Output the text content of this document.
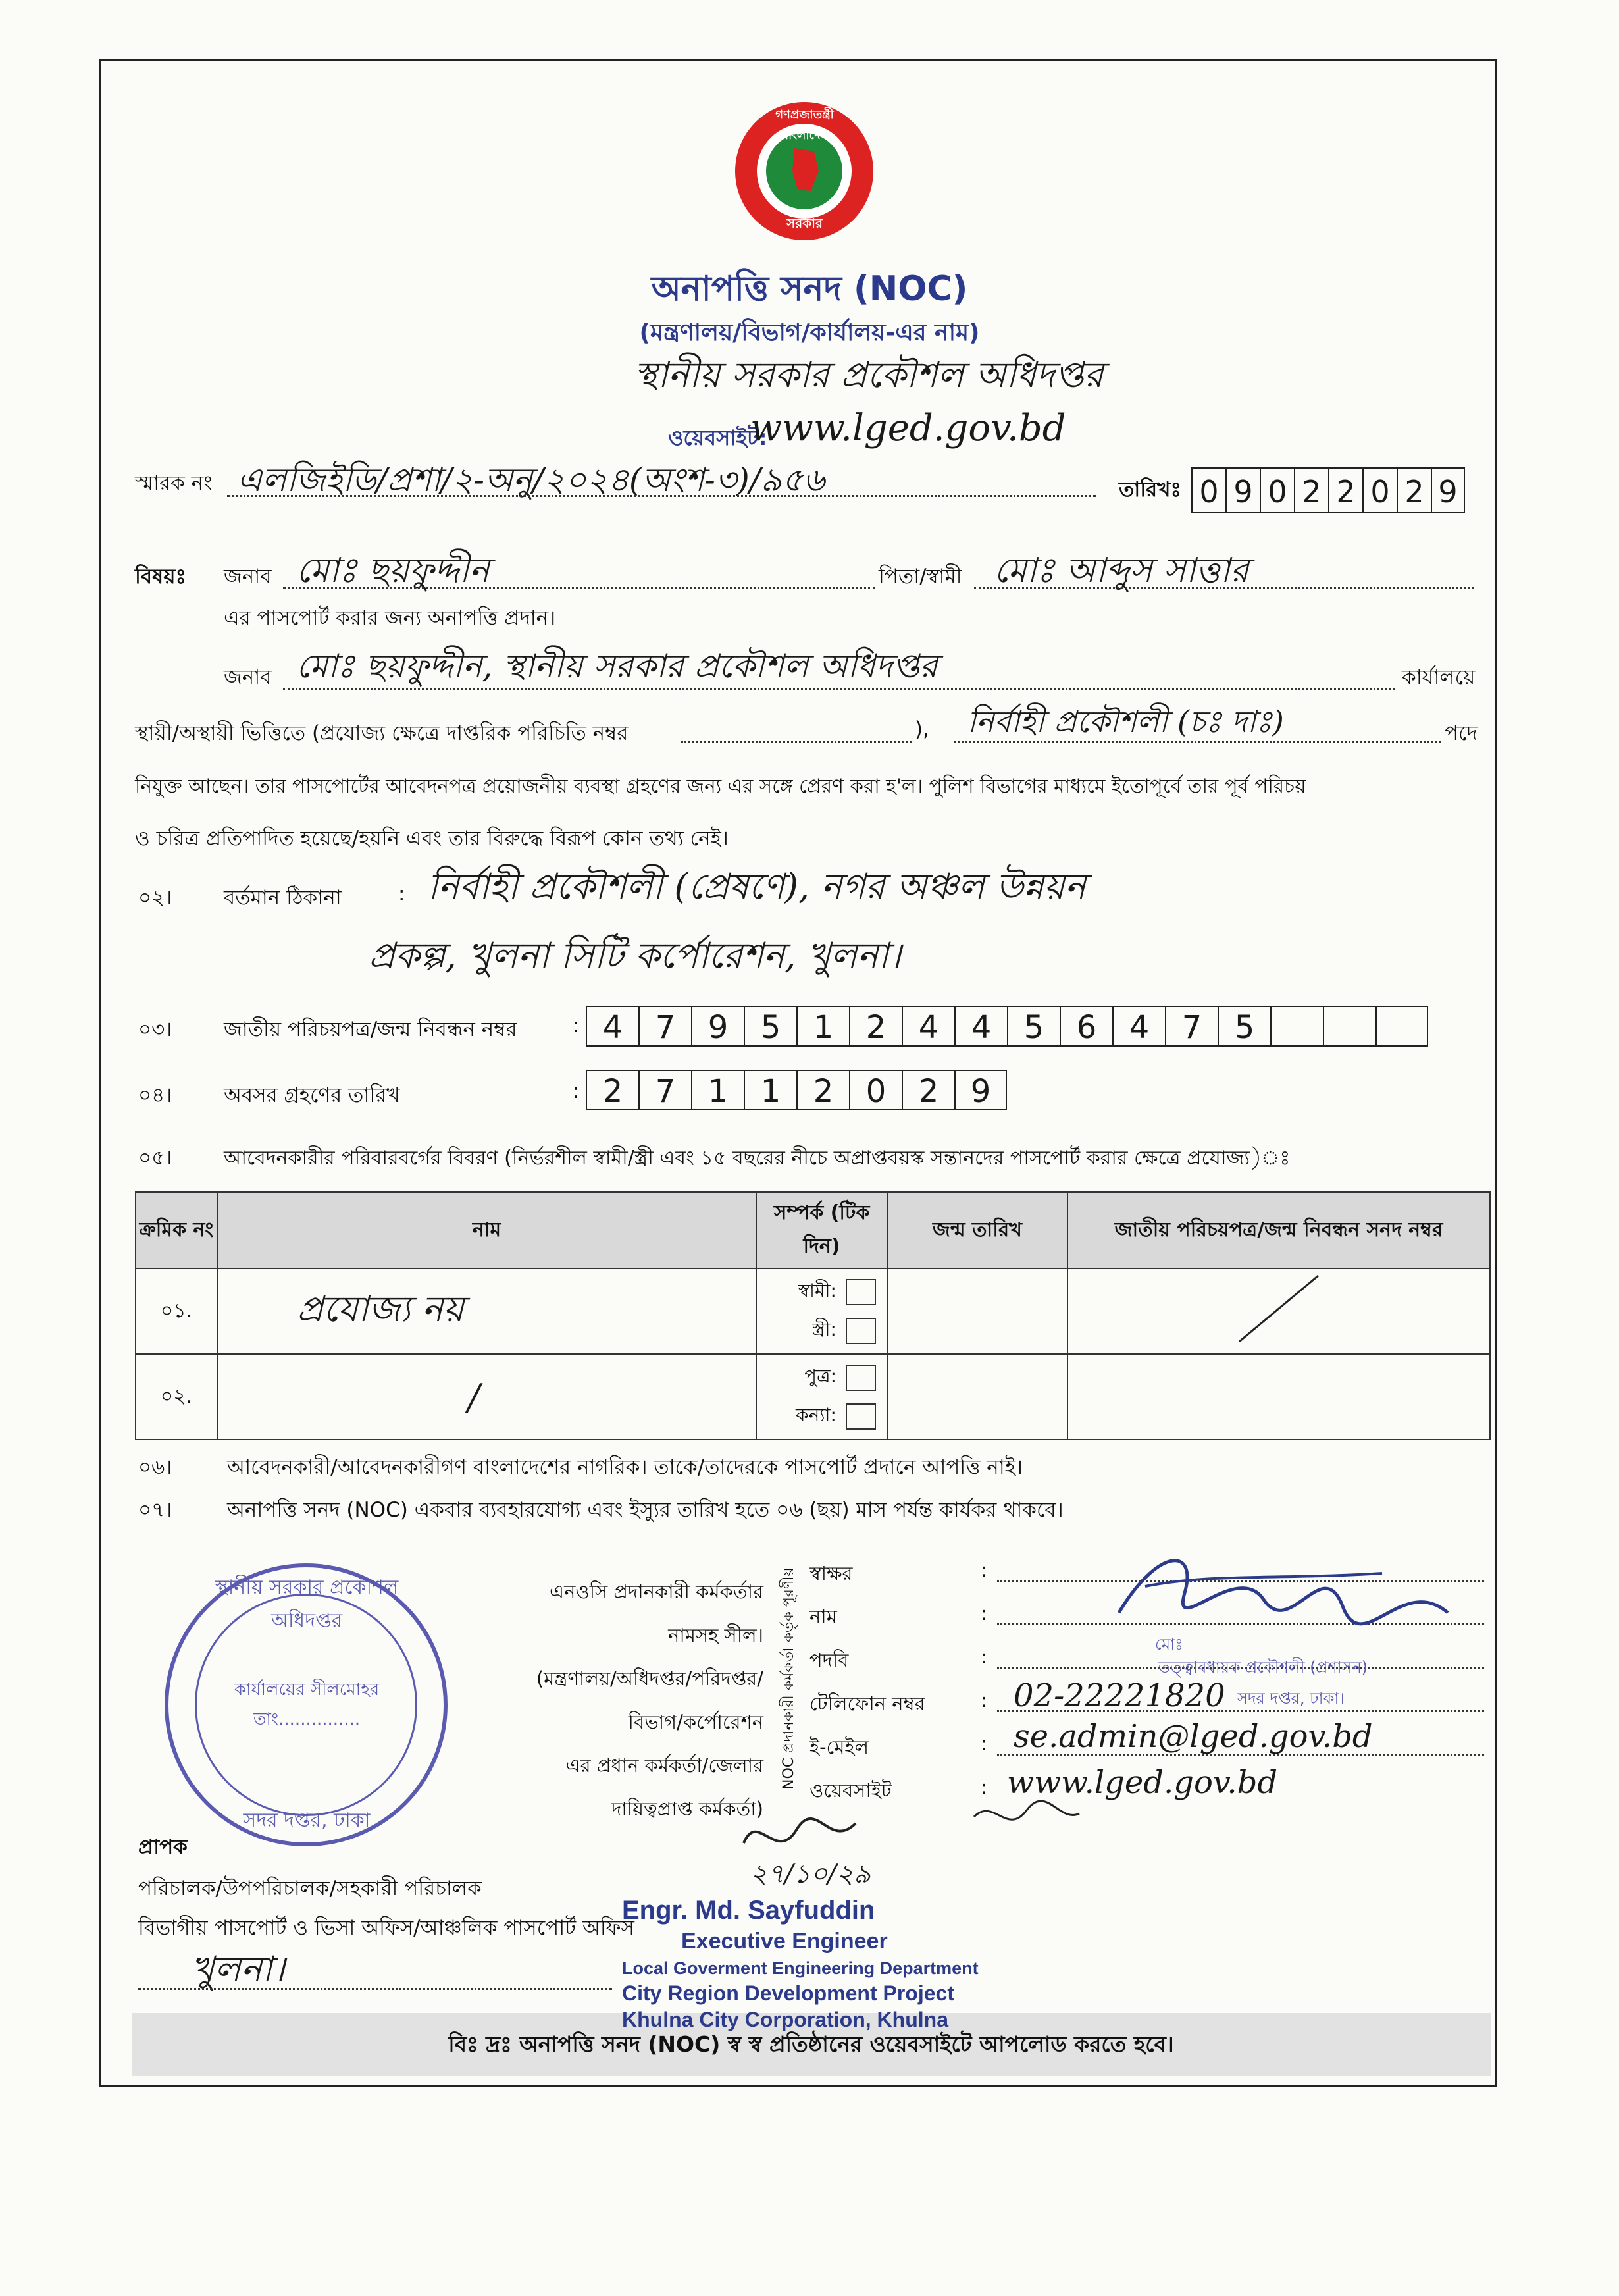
গণপ্রজাতন্ত্রী বাংলাদেশ
সরকার
অনাপত্তি সনদ (NOC)
(মন্ত্রণালয়/বিভাগ/কার্যালয়-এর নাম)
স্থানীয় সরকার প্রকৌশল অধিদপ্তর
ওয়েবসাইট:
www.lged.gov.bd
স্মারক নং এলজিইডি/প্রশা/২-অনু/২০২৪(অংশ-৩)/৯৫৬	তারিখঃ 0 9 0 2 2 0 2 9
বিষয়ঃ জনাব মোঃ ছয়ফুদ্দীন	পিতা/স্বামী মোঃ আব্দুস সাত্তার
এর পাসপোর্ট করার জন্য অনাপত্তি প্রদান।
জনাব মোঃ ছয়ফুদ্দীন, স্থানীয় সরকার প্রকৌশল অধিদপ্তর	কার্যালয়ে
স্থায়ী/অস্থায়ী ভিত্তিতে (প্রযোজ্য ক্ষেত্রে দাপ্তরিক পরিচিতি নম্বর	), নির্বাহী প্রকৌশলী (চঃ দাঃ)	পদে
নিযুক্ত আছেন। তার পাসপোর্টের আবেদনপত্র প্রয়োজনীয় ব্যবস্থা গ্রহণের জন্য এর সঙ্গে প্রেরণ করা হ'ল। পুলিশ বিভাগের মাধ্যমে ইতোপূর্বে তার পূর্ব পরিচয়
ও চরিত্র প্রতিপাদিত হয়েছে/হয়নি এবং তার বিরুদ্ধে বিরূপ কোন তথ্য নেই।
০২।	বর্তমান ঠিকানা	: নির্বাহী প্রকৌশলী (প্রেষণে), নগর অঞ্চল উন্নয়ন
প্রকল্প, খুলনা সিটি কর্পোরেশন, খুলনা।
০৩।	জাতীয় পরিচয়পত্র/জন্ম নিবন্ধন নম্বর	: 4	7	9	5	1	2	4	4	5	6	4	7	5
০৪।	অবসর গ্রহণের তারিখ	: 2	7	1	1	2	0	2	9
০৫।	আবেদনকারীর পরিবারবর্গের বিবরণ (নির্ভরশীল স্বামী/স্ত্রী এবং ১৫ বছরের নীচে অপ্রাপ্তবয়স্ক সন্তানদের পাসপোর্ট করার ক্ষেত্রে প্রযোজ্য)ঃ
ক্রমিক নং	নাম	সম্পর্ক (টিক দিন)	জন্ম তারিখ	জাতীয় পরিচয়পত্র/জন্ম নিবন্ধন সনদ নম্বর
০১.	প্রযোজ্য নয়	স্বামী:
স্ত্রী:

০২.	/	পুত্র:
কন্যা:		

০৬।	আবেদনকারী/আবেদনকারীগণ বাংলাদেশের নাগরিক। তাকে/তাদেরকে পাসপোর্ট প্রদানে আপত্তি নাই।
০৭।	অনাপত্তি সনদ (NOC) একবার ব্যবহারযোগ্য এবং ইস্যুর তারিখ হতে ০৬ (ছয়) মাস পর্যন্ত কার্যকর থাকবে।
স্থানীয় সরকার প্রকৌশল অধিদপ্তর
কার্যালয়ের সীলমোহর
তাং...............
সদর দপ্তর, ঢাকা
এনওসি প্রদানকারী কর্মকর্তার
নামসহ সীল।
(মন্ত্রণালয়/অধিদপ্তর/পরিদপ্তর/
বিভাগ/কর্পোরেশন
এর প্রধান কর্মকর্তা/জেলার
দায়িত্বপ্রাপ্ত কর্মকর্তা)
NOC প্রদানকারী কর্মকর্তা কর্তৃক পূরণীয় স্বাক্ষর	:
নাম	:
পদবি	:
টেলিফোন নম্বর	: 02-22221820
ই-মেইল	: se.admin@lged.gov.bd
ওয়েবসাইট	: www.lged.gov.bd
মোঃ
তত্ত্বাবধায়ক প্রকৌশলী (প্রশাসন)
সদর দপ্তর, ঢাকা।
প্রাপক
পরিচালক/উপপরিচালক/সহকারী পরিচালক
বিভাগীয় পাসপোর্ট ও ভিসা অফিস/আঞ্চলিক পাসপোর্ট অফিস
খুলনা।
২৭/১০/২৯
Engr. Md. Sayfuddin
Executive Engineer
Local Goverment Engineering Department
City Region Development Project
Khulna City Corporation, Khulna
বিঃ দ্রঃ অনাপত্তি সনদ (NOC) স্ব স্ব প্রতিষ্ঠানের ওয়েবসাইটে আপলোড করতে হবে।
